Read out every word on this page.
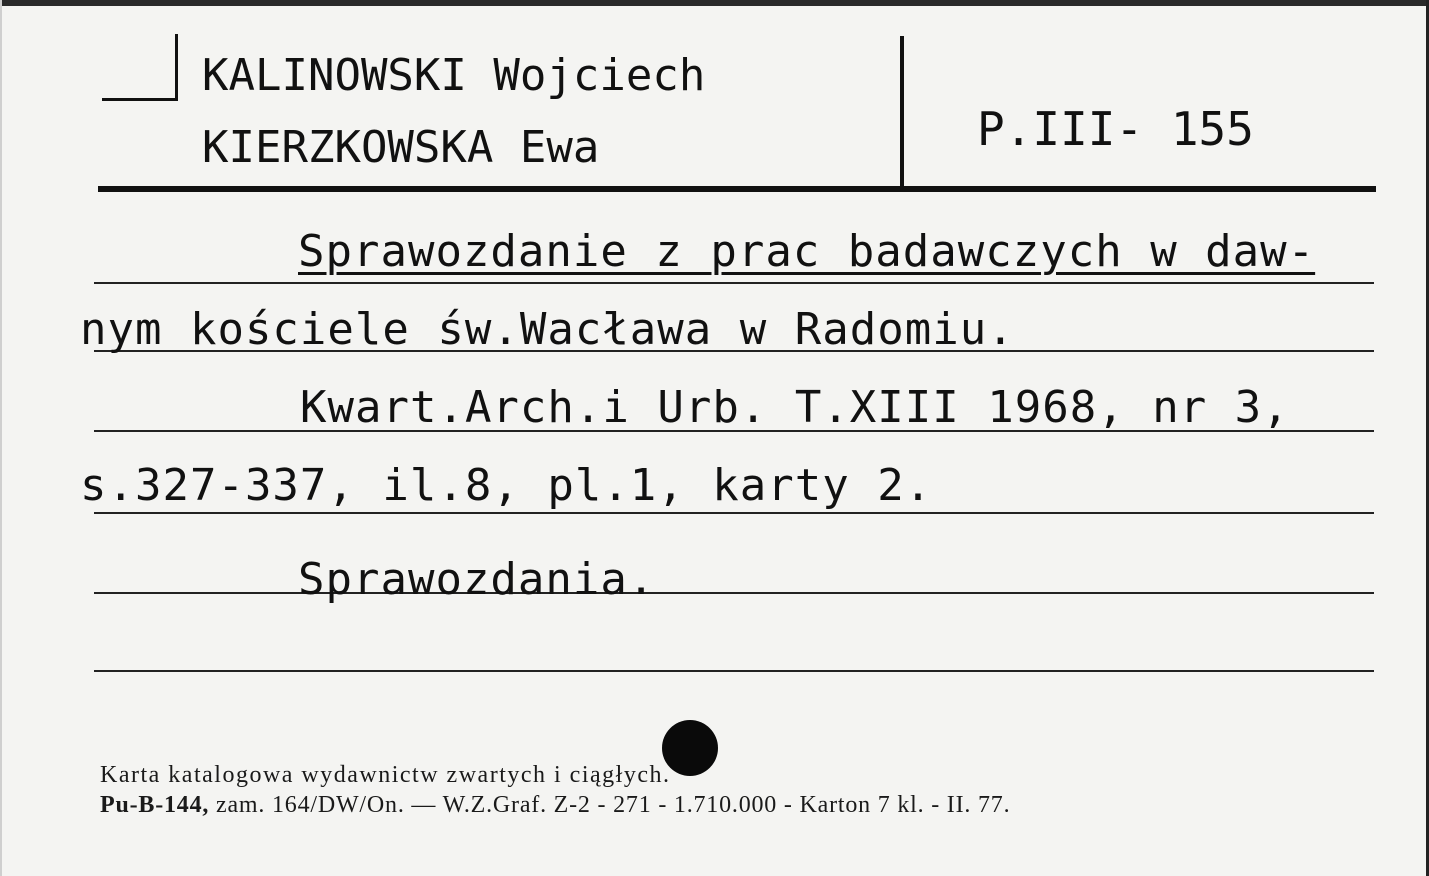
KALINOWSKI Wojciech
KIERZKOWSKA Ewa	P.III- 155
Sprawozdanie z prac badawczych w daw-
nym kościele św.Wacława w Radomiu.
Kwart.Arch.i Urb. T.XIII 1968, nr 3,
s.327-337, il.8, pl.1, karty 2.
Sprawozdania.
Karta katalogowa wydawnictw zwartych i ciągłych.
Pu-B-144, zam. 164/DW/On. — W.Z.Graf. Z-2 - 271 - 1.710.000 - Karton 7 kl. - II. 77.
